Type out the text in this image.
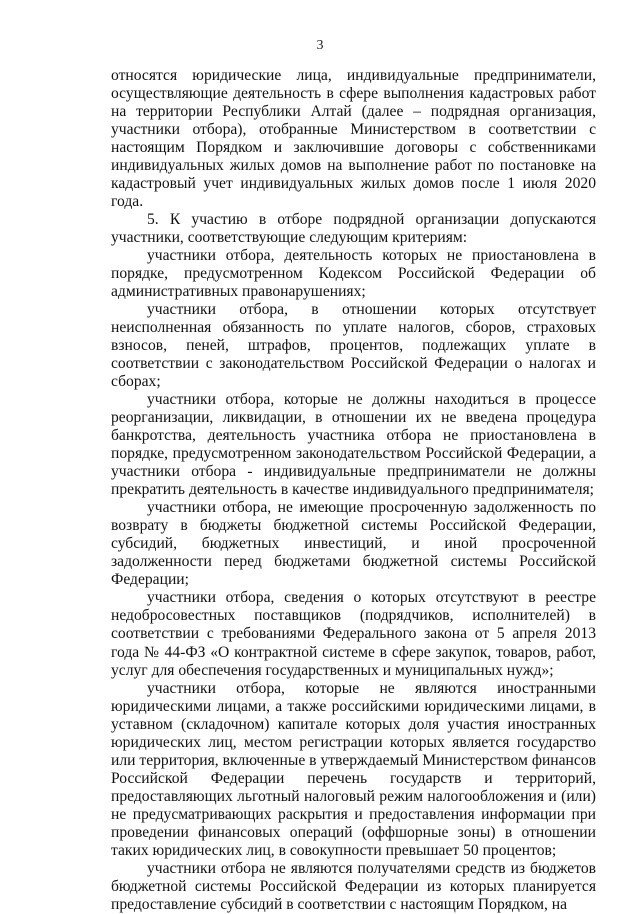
3

относятся юридические лица, индивидуальные предприниматели, осуществляющие деятельность в сфере выполнения кадастровых работ на территории Республики Алтай (далее – подрядная организация, участники отбора), отобранные Министерством в соответствии с настоящим Порядком и заключившие договоры с собственниками индивидуальных жилых домов на выполнение работ по постановке на кадастровый учет индивидуальных жилых домов после 1 июля 2020 года.

5. К участию в отборе подрядной организации допускаются участники, соответствующие следующим критериям:

участники отбора, деятельность которых не приостановлена в порядке, предусмотренном Кодексом Российской Федерации об административных правонарушениях;

участники отбора, в отношении которых отсутствует неисполненная обязанность по уплате налогов, сборов, страховых взносов, пеней, штрафов, процентов, подлежащих уплате в соответствии с законодательством Российской Федерации о налогах и сборах;

участники отбора, которые не должны находиться в процессе реорганизации, ликвидации, в отношении их не введена процедура банкротства, деятельность участника отбора не приостановлена в порядке, предусмотренном законодательством Российской Федерации, а участники отбора - индивидуальные предприниматели не должны прекратить деятельность в качестве индивидуального предпринимателя;

участники отбора, не имеющие просроченную задолженность по возврату в бюджеты бюджетной системы Российской Федерации, субсидий, бюджетных инвестиций, и иной просроченной задолженности перед бюджетами бюджетной системы Российской Федерации;

участники отбора, сведения о которых отсутствуют в реестре недобросовестных поставщиков (подрядчиков, исполнителей) в соответствии с требованиями Федерального закона от 5 апреля 2013 года № 44-ФЗ «О контрактной системе в сфере закупок, товаров, работ, услуг для обеспечения государственных и муниципальных нужд»;

участники отбора, которые не являются иностранными юридическими лицами, а также российскими юридическими лицами, в уставном (складочном) капитале которых доля участия иностранных юридических лиц, местом регистрации которых является государство или территория, включенные в утверждаемый Министерством финансов Российской Федерации перечень государств и территорий, предоставляющих льготный налоговый режим налогообложения и (или) не предусматривающих раскрытия и предоставления информации при проведении финансовых операций (оффшорные зоны) в отношении таких юридических лиц, в совокупности превышает 50 процентов;

участники отбора не являются получателями средств из бюджетов бюджетной системы Российской Федерации из которых планируется предоставление субсидий в соответствии с настоящим Порядком, на
